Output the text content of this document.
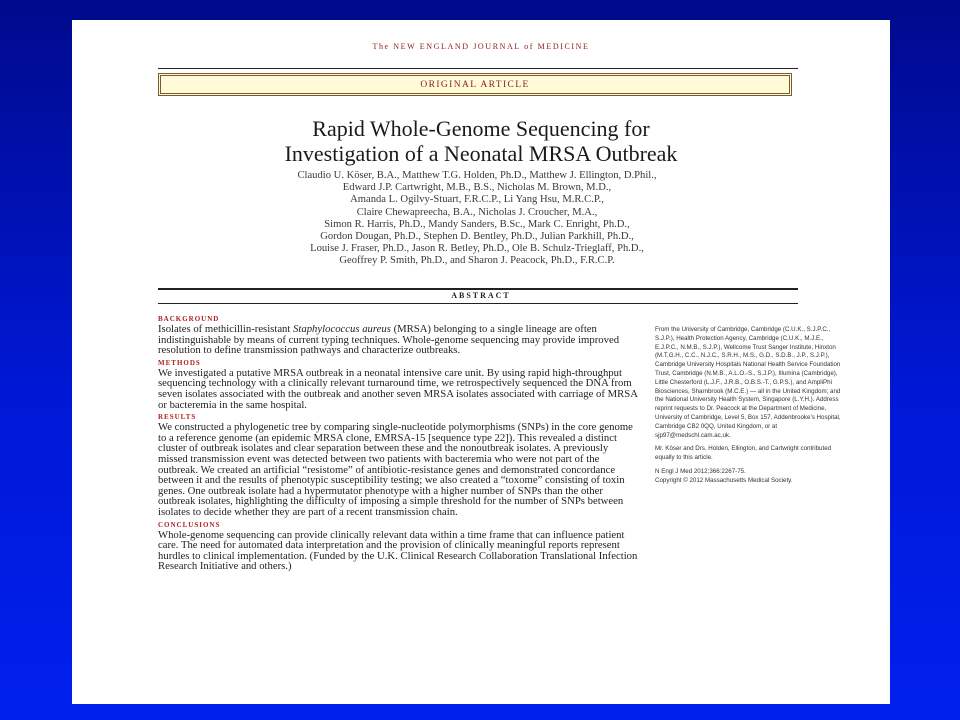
The NEW ENGLAND JOURNAL of MEDICINE
ORIGINAL ARTICLE
Rapid Whole-Genome Sequencing for
Investigation of a Neonatal MRSA Outbreak
Claudio U. Köser, B.A., Matthew T.G. Holden, Ph.D., Matthew J. Ellington, D.Phil.,
Edward J.P. Cartwright, M.B., B.S., Nicholas M. Brown, M.D.,
Amanda L. Ogilvy-Stuart, F.R.C.P., Li Yang Hsu, M.R.C.P.,
Claire Chewapreecha, B.A., Nicholas J. Croucher, M.A.,
Simon R. Harris, Ph.D., Mandy Sanders, B.Sc., Mark C. Enright, Ph.D.,
Gordon Dougan, Ph.D., Stephen D. Bentley, Ph.D., Julian Parkhill, Ph.D.,
Louise J. Fraser, Ph.D., Jason R. Betley, Ph.D., Ole B. Schulz-Trieglaff, Ph.D.,
Geoffrey P. Smith, Ph.D., and Sharon J. Peacock, Ph.D., F.R.C.P.
ABSTRACT
BACKGROUND
Isolates of methicillin-resistant Staphylococcus aureus (MRSA) belonging to a single lineage are often indistinguishable by means of current typing techniques. Whole-genome sequencing may provide improved resolution to define transmission pathways and characterize outbreaks.
METHODS
We investigated a putative MRSA outbreak in a neonatal intensive care unit. By using rapid high-throughput sequencing technology with a clinically relevant turnaround time, we retrospectively sequenced the DNA from seven isolates associated with the outbreak and another seven MRSA isolates associated with carriage of MRSA or bacteremia in the same hospital.
RESULTS
We constructed a phylogenetic tree by comparing single-nucleotide polymorphisms (SNPs) in the core genome to a reference genome (an epidemic MRSA clone, EMRSA-15 [sequence type 22]). This revealed a distinct cluster of outbreak isolates and clear separation between these and the nonoutbreak isolates. A previously missed transmission event was detected between two patients with bacteremia who were not part of the outbreak. We created an artificial “resistome” of antibiotic-resistance genes and demonstrated concordance between it and the results of phenotypic susceptibility testing; we also created a “toxome” consisting of toxin genes. One outbreak isolate had a hypermutator phenotype with a higher number of SNPs than the other outbreak isolates, highlighting the difficulty of imposing a simple threshold for the number of SNPs between isolates to decide whether they are part of a recent transmission chain.
CONCLUSIONS
Whole-genome sequencing can provide clinically relevant data within a time frame that can influence patient care. The need for automated data interpretation and the provision of clinically meaningful reports represent hurdles to clinical implementation. (Funded by the U.K. Clinical Research Collaboration Translational Infection Research Initiative and others.)

From the University of Cambridge, Cambridge (C.U.K., S.J.P.C., S.J.P.), Health Protection Agency, Cambridge (C.U.K., M.J.E., E.J.P.C., N.M.B., S.J.P.), Wellcome Trust Sanger Institute, Hinxton (M.T.G.H., C.C., N.J.C., S.R.H., M.S., G.D., S.D.B., J.P., S.J.P.), Cambridge University Hospitals National Health Service Foundation Trust, Cambridge (N.M.B., A.L.O.-S., S.J.P.), Illumina (Cambridge), Little Chesterford (L.J.F., J.R.B., O.B.S.-T., G.P.S.), and AmpliPhi Biosciences, Sharnbrook (M.C.E.) — all in the United Kingdom; and the National University Health System, Singapore (L.Y.H.). Address reprint requests to Dr. Peacock at the Department of Medicine, University of Cambridge, Level 5, Box 157, Addenbrooke’s Hospital, Cambridge CB2 0QQ, United Kingdom, or at sjp97@medschl.cam.ac.uk.

Mr. Köser and Drs. Holden, Ellington, and Cartwright contributed equally to this article.

N Engl J Med 2012;366:2267-75.
Copyright © 2012 Massachusetts Medical Society.
